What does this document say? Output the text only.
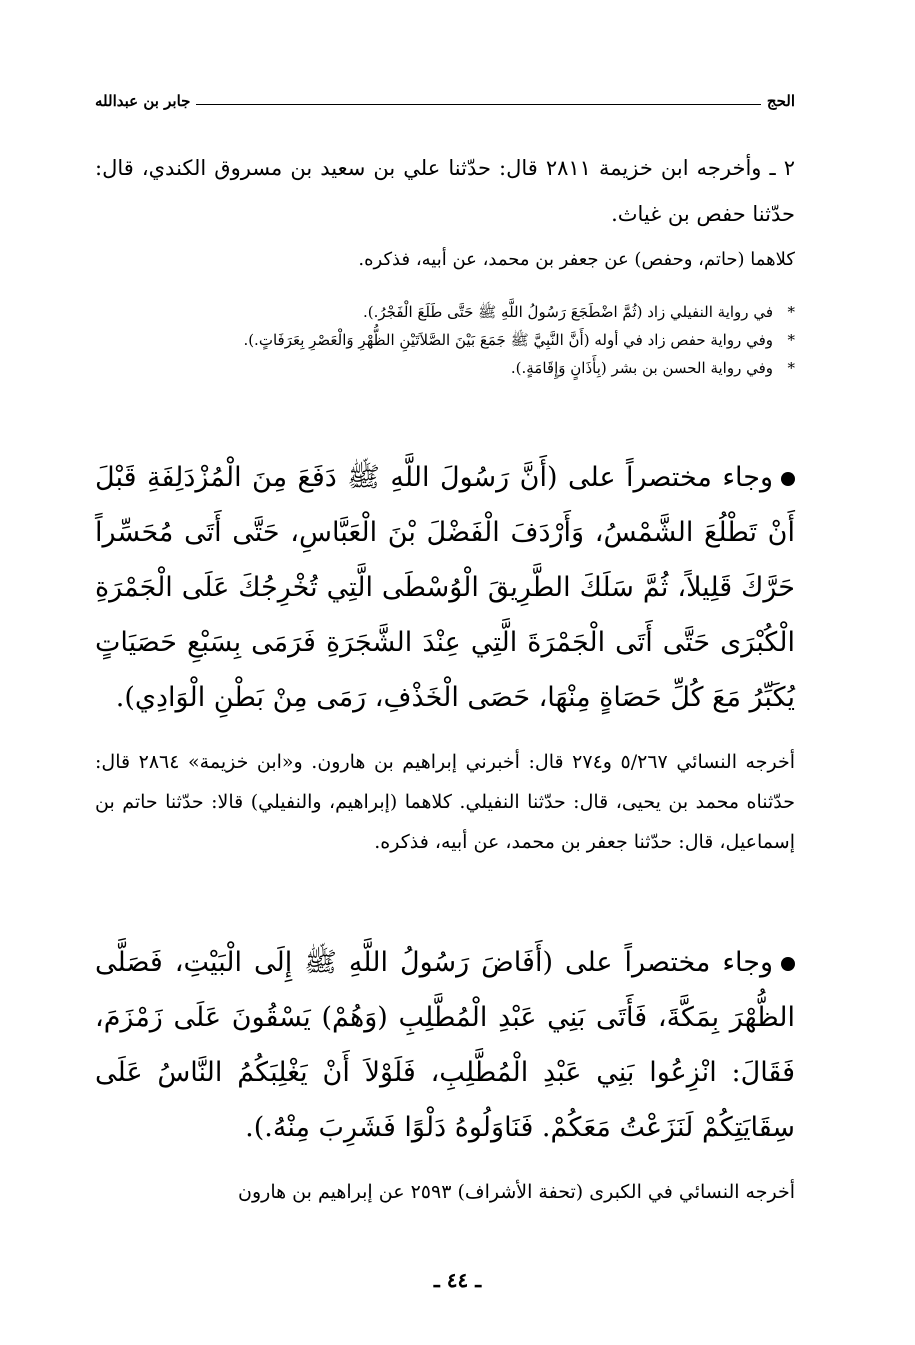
الحج
جابر بن عبدالله
٢ ـ وأخرجه ابن خزيمة ٢٨١١ قال: حدّثنا علي بن سعيد بن مسروق الكندي، قال: حدّثنا حفص بن غياث.
كلاهما (حاتم، وحفص) عن جعفر بن محمد، عن أبيه، فذكره.
*
في رواية النفيلي زاد (ثُمَّ اضْطَجَعَ رَسُولُ اللَّهِ ﷺ حَتَّى طَلَعَ الْفَجْرُ.).
*
وفي رواية حفص زاد في أوله (أَنَّ النَّبِيَّ ﷺ جَمَعَ بَيْنَ الصَّلاَتَيْنِ الظُّهْرِ وَالْعَصْرِ بِعَرَفَاتٍ.).
*
وفي رواية الحسن بن بشر (بِأَذَانٍ وَإِقَامَةٍ.).
وجاء مختصراً على (أَنَّ رَسُولَ اللَّهِ ﷺ دَفَعَ مِنَ الْمُزْدَلِفَةِ قَبْلَ أَنْ تَطْلُعَ الشَّمْسُ، وَأَرْدَفَ الْفَضْلَ بْنَ الْعَبَّاسِ، حَتَّى أَتَى مُحَسِّراً حَرَّكَ قَلِيلاً، ثُمَّ سَلَكَ الطَّرِيقَ الْوُسْطَى الَّتِي تُخْرِجُكَ عَلَى الْجَمْرَةِ الْكُبْرَى حَتَّى أَتَى الْجَمْرَةَ الَّتِي عِنْدَ الشَّجَرَةِ فَرَمَى بِسَبْعِ حَصَيَاتٍ يُكَبِّرُ مَعَ كُلِّ حَصَاةٍ مِنْهَا، حَصَى الْخَذْفِ، رَمَى مِنْ بَطْنِ الْوَادِي).
أخرجه النسائي ٥/٢٦٧ و٢٧٤ قال: أخبرني إبراهيم بن هارون. و«ابن خزيمة» ٢٨٦٤ قال: حدّثناه محمد بن يحيى، قال: حدّثنا النفيلي. كلاهما (إبراهيم، والنفيلي) قالا: حدّثنا حاتم بن إسماعيل، قال: حدّثنا جعفر بن محمد، عن أبيه، فذكره.
وجاء مختصراً على (أَفَاضَ رَسُولُ اللَّهِ ﷺ إِلَى الْبَيْتِ، فَصَلَّى الظُّهْرَ بِمَكَّةَ، فَأَتَى بَنِي عَبْدِ الْمُطَّلِبِ (وَهُمْ) يَسْقُونَ عَلَى زَمْزَمَ، فَقَالَ: انْزِعُوا بَنِي عَبْدِ الْمُطَّلِبِ، فَلَوْلاَ أَنْ يَغْلِبَكُمُ النَّاسُ عَلَى سِقَايَتِكُمْ لَنَزَعْتُ مَعَكُمْ. فَنَاوَلُوهُ دَلْوًا فَشَرِبَ مِنْهُ.).
أخرجه النسائي في الكبرى (تحفة الأشراف) ٢٥٩٣ عن إبراهيم بن هارون
ـ ٤٤ ـ
